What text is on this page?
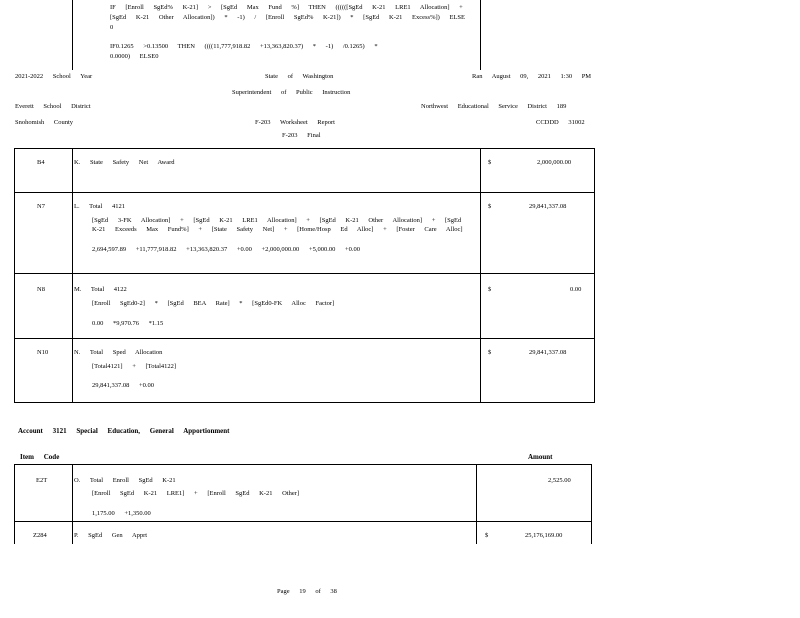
IF [Enroll SgEd% K-21] > [SgEd Max Fund %] THEN ((((([SgEd K-21 LRE1 Allocation] +
[SgEd K-21 Other Allocation]) * -1) / [Enroll SgEd% K-21]) * [SgEd K-21 Excess%]) ELSE
0
IF0.1265 >0.13500 THEN ((((11,777,918.82 +13,363,820.37) * -1) /0.1265) *
0.0000) ELSE0
2021-2022 School Year	State of Washington	Ran August 09, 2021 1:30 PM
Superintendent of Public Instruction
Everett School District	Northwest Educational Service District 189
Snohomish County	F-203 Worksheet Report	CCDDD 31002
F-203 Final
B4	K. State Safety Net Award	$	2,000,000.00
N7	L. Total 4121	$	29,841,337.08
[SgEd 3-FK Allocation] + [SgEd K-21 LRE1 Allocation] + [SgEd K-21 Other Allocation] + [SgEd
K-21 Exceeds Max Fund%] + [State Safety Net] + [Home/Hosp Ed Alloc] + [Foster Care Alloc]
2,694,597.89 +11,777,918.82 +13,363,820.37 +0.00 +2,000,000.00 +5,000.00 +0.00
N8	M. Total 4122	$	0.00
[Enroll SgEd0-2] * [SgEd BEA Rate] * [SgEd0-FK Alloc Factor]
0.00 *9,970.76 *1.15
N10	N. Total Sped Allocation	$	29,841,337.08
[Total4121] + [Total4122]
29,841,337.08 +0.00
Account 3121 Special Education, General Apportionment
Item Code	Amount
E2T	O. Total Enroll SgEd K-21	2,525.00
[Enroll SgEd K-21 LRE1] + [Enroll SgEd K-21 Other]
1,175.00 +1,350.00
Z284	P. SgEd Gen Apprt	$	25,176,169.00
Page 19 of 38
